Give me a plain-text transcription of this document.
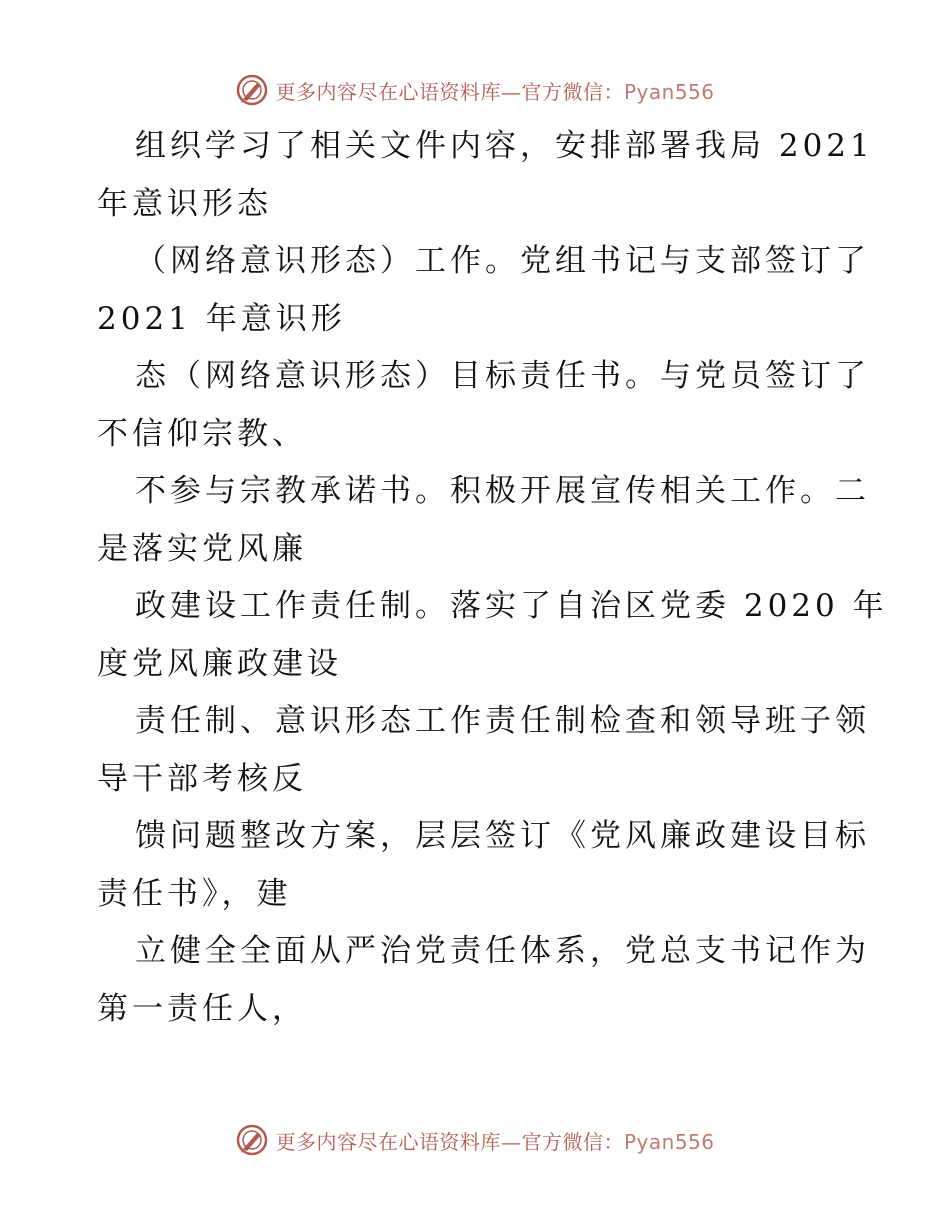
更多内容尽在心语资料库—官方微信：Pyan556

组织学习了相关文件内容，安排部署我局 2021

年意识形态

（网络意识形态）工作。党组书记与支部签订了

2021 年意识形

态（网络意识形态）目标责任书。与党员签订了

不信仰宗教、

不参与宗教承诺书。积极开展宣传相关工作。二

是落实党风廉

政建设工作责任制。落实了自治区党委 2020 年

度党风廉政建设

责任制、意识形态工作责任制检查和领导班子领

导干部考核反

馈问题整改方案，层层签订《党风廉政建设目标

责任书》，建

立健全全面从严治党责任体系，党总支书记作为

第一责任人，

更多内容尽在心语资料库—官方微信：Pyan556
